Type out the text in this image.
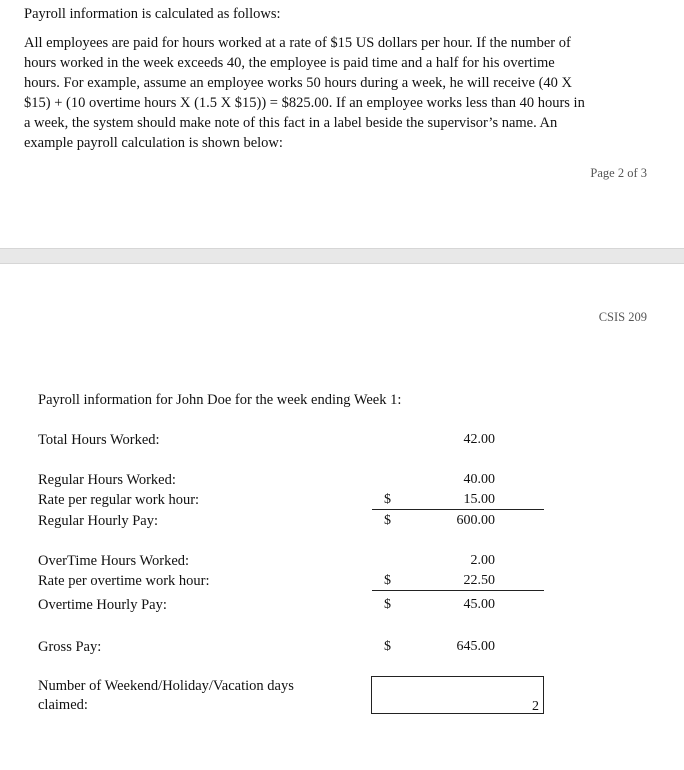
Payroll information is calculated as follows:
All employees are paid for hours worked at a rate of $15 US dollars per hour. If the number of
hours worked in the week exceeds 40, the employee is paid time and a half for his overtime
hours. For example, assume an employee works 50 hours during a week, he will receive (40 X
$15) + (10 overtime hours X (1.5 X $15)) = $825.00. If an employee works less than 40 hours in
a week, the system should make note of this fact in a label beside the supervisor’s name. An
example payroll calculation is shown below:
Page 2 of 3
CSIS 209
Payroll information for John Doe for the week ending Week 1:
Total Hours Worked:	42.00
Regular Hours Worked:	40.00
Rate per regular work hour:	$	15.00
Regular Hourly Pay:	$	600.00
OverTime Hours Worked:	2.00
Rate per overtime work hour:	$	22.50
Overtime Hourly Pay:	$	45.00
Gross Pay:	$	645.00
Number of Weekend/Holiday/Vacation days
claimed:	2
